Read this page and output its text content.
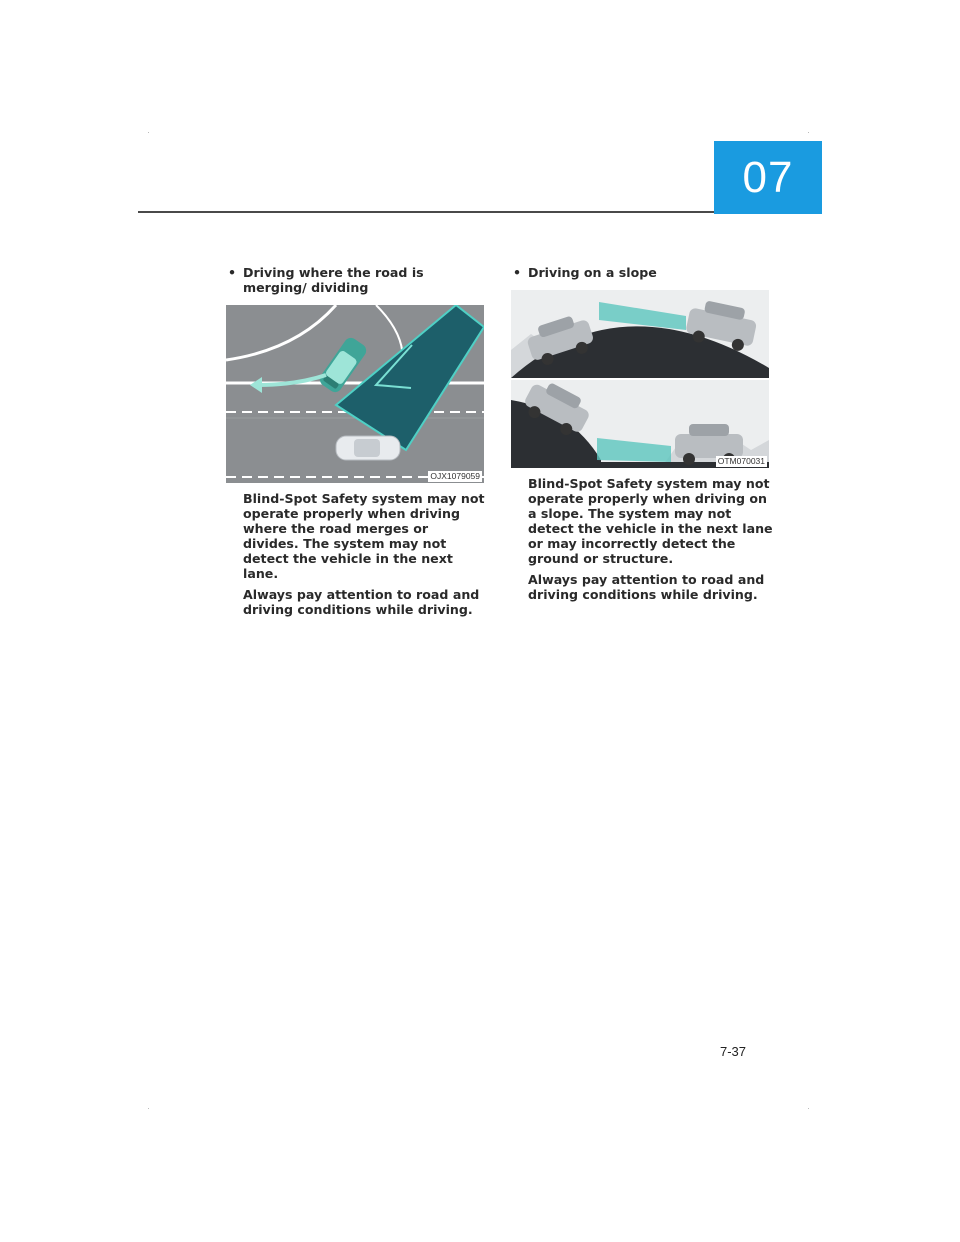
07
• Driving where the road is merging/ dividing
OJX1079059

Blind-Spot Safety system may not operate properly when driving where the road merges or divides. The system may not detect the vehicle in the next lane.

Always pay attention to road and driving conditions while driving.

• Driving on a slope
OTM070031

Blind-Spot Safety system may not operate properly when driving on a slope. The system may not detect the vehicle in the next lane or may incorrectly detect the ground or structure.

Always pay attention to road and driving conditions while driving.

7-37
